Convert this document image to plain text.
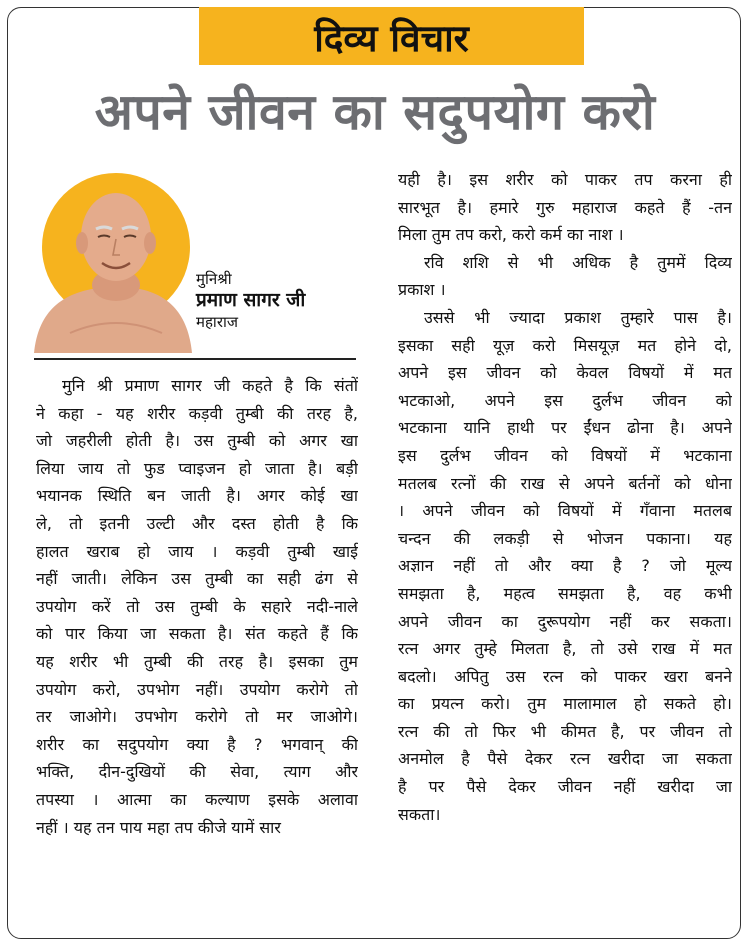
दिव्य विचार
अपने जीवन का सदुपयोग करो
मुनिश्री
प्रमाण सागर जी
महाराज
मुनि श्री प्रमाण सागर जी कहते है कि संतों
ने कहा - यह शरीर कड़वी तुम्बी की तरह है,
जो जहरीली होती है। उस तुम्बी को अगर खा
लिया जाय तो फुड प्वाइजन हो जाता है। बड़ी
भयानक स्थिति बन जाती है। अगर कोई खा
ले, तो इतनी उल्टी और दस्त होती है कि
हालत खराब हो जाय । कड़वी तुम्बी खाई
नहीं जाती। लेकिन उस तुम्बी का सही ढंग से
उपयोग करें तो उस तुम्बी के सहारे नदी-नाले
को पार किया जा सकता है। संत कहते हैं कि
यह शरीर भी तुम्बी की तरह है। इसका तुम
उपयोग करो, उपभोग नहीं। उपयोग करोगे तो
तर जाओगे। उपभोग करोगे तो मर जाओगे।
शरीर का सदुपयोग क्या है ? भगवान् की
भक्ति, दीन-दुखियों की सेवा, त्याग और
तपस्या । आत्मा का कल्याण इसके अलावा
नहीं । यह तन पाय महा तप कीजे यामें सार
यही है। इस शरीर को पाकर तप करना ही
सारभूत है। हमारे गुरु महाराज कहते हैं -तन
मिला तुम तप करो, करो कर्म का नाश ।
रवि शशि से भी अधिक है तुममें दिव्य
प्रकाश ।
उससे भी ज्यादा प्रकाश तुम्हारे पास है।
इसका सही यूज़ करो मिसयूज़ मत होने दो,
अपने इस जीवन को केवल विषयों में मत
भटकाओ, अपने इस दुर्लभ जीवन को
भटकाना यानि हाथी पर ईंधन ढोना है। अपने
इस दुर्लभ जीवन को विषयों में भटकाना
मतलब रत्नों की राख से अपने बर्तनों को धोना
। अपने जीवन को विषयों में गँवाना मतलब
चन्दन की लकड़ी से भोजन पकाना। यह
अज्ञान नहीं तो और क्या है ? जो मूल्य
समझता है, महत्व समझता है, वह कभी
अपने जीवन का दुरूपयोग नहीं कर सकता।
रत्न अगर तुम्हे मिलता है, तो उसे राख में मत
बदलो। अपितु उस रत्न को पाकर खरा बनने
का प्रयत्न करो। तुम मालामाल हो सकते हो।
रत्न की तो फिर भी कीमत है, पर जीवन तो
अनमोल है पैसे देकर रत्न खरीदा जा सकता
है पर पैसे देकर जीवन नहीं खरीदा जा
सकता।
